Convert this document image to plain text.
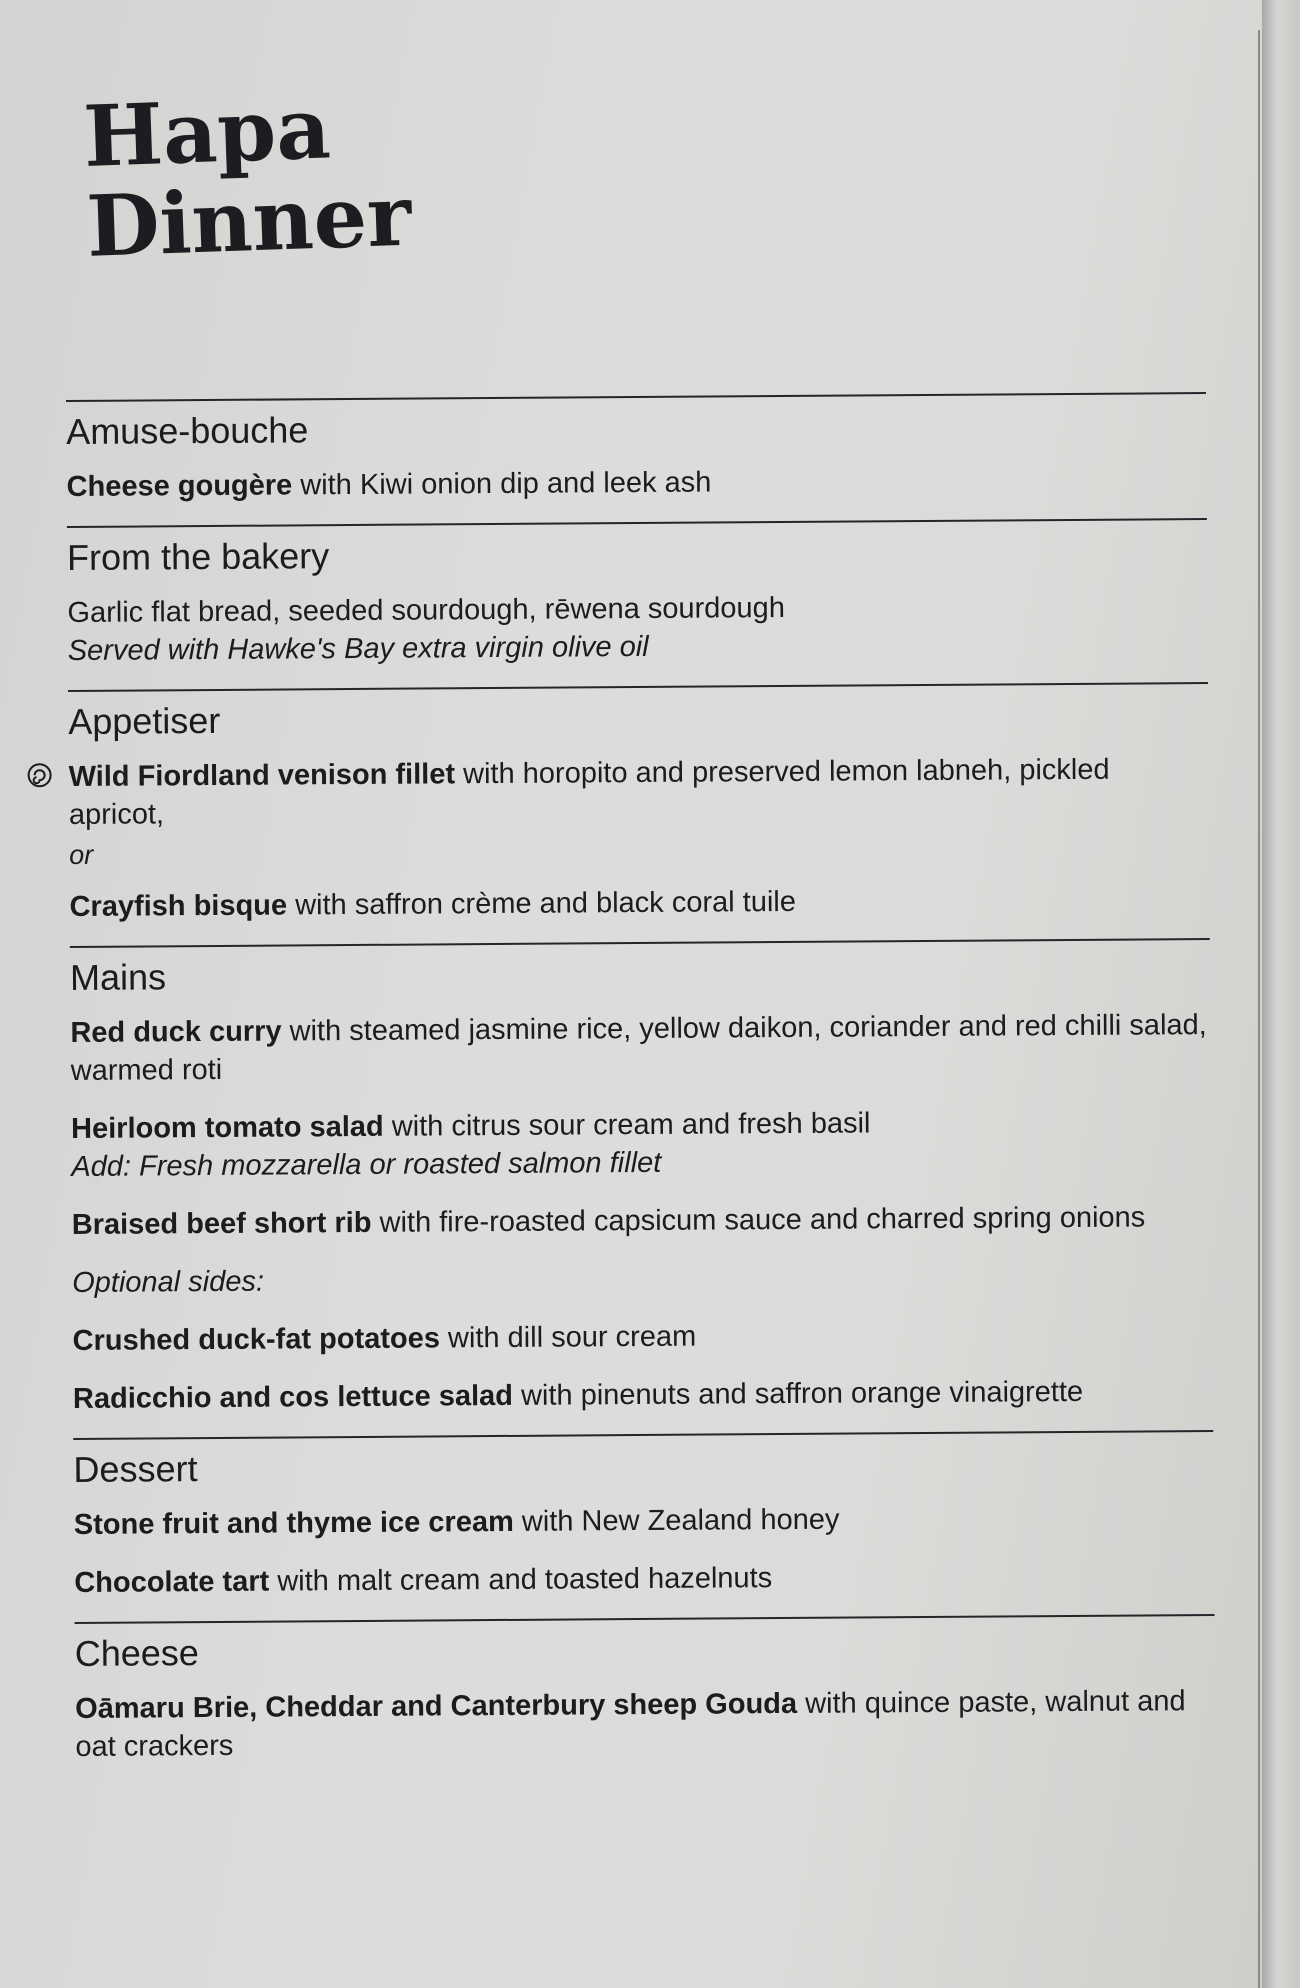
Hapa
Dinner
Amuse-bouche
Cheese gougère with Kiwi onion dip and leek ash
From the bakery
Garlic flat bread, seeded sourdough, rēwena sourdough
Served with Hawke's Bay extra virgin olive oil
Appetiser
Wild Fiordland venison fillet with horopito and preserved lemon labneh, pickled apricot,
or
Crayfish bisque with saffron crème and black coral tuile
Mains
Red duck curry with steamed jasmine rice, yellow daikon, coriander and red chilli salad, warmed roti
Heirloom tomato salad with citrus sour cream and fresh basil
Add: Fresh mozzarella or roasted salmon fillet
Braised beef short rib with fire-roasted capsicum sauce and charred spring onions
Optional sides:
Crushed duck-fat potatoes with dill sour cream
Radicchio and cos lettuce salad with pinenuts and saffron orange vinaigrette
Dessert
Stone fruit and thyme ice cream with New Zealand honey
Chocolate tart with malt cream and toasted hazelnuts
Cheese
Oāmaru Brie, Cheddar and Canterbury sheep Gouda with quince paste, walnut and oat crackers
